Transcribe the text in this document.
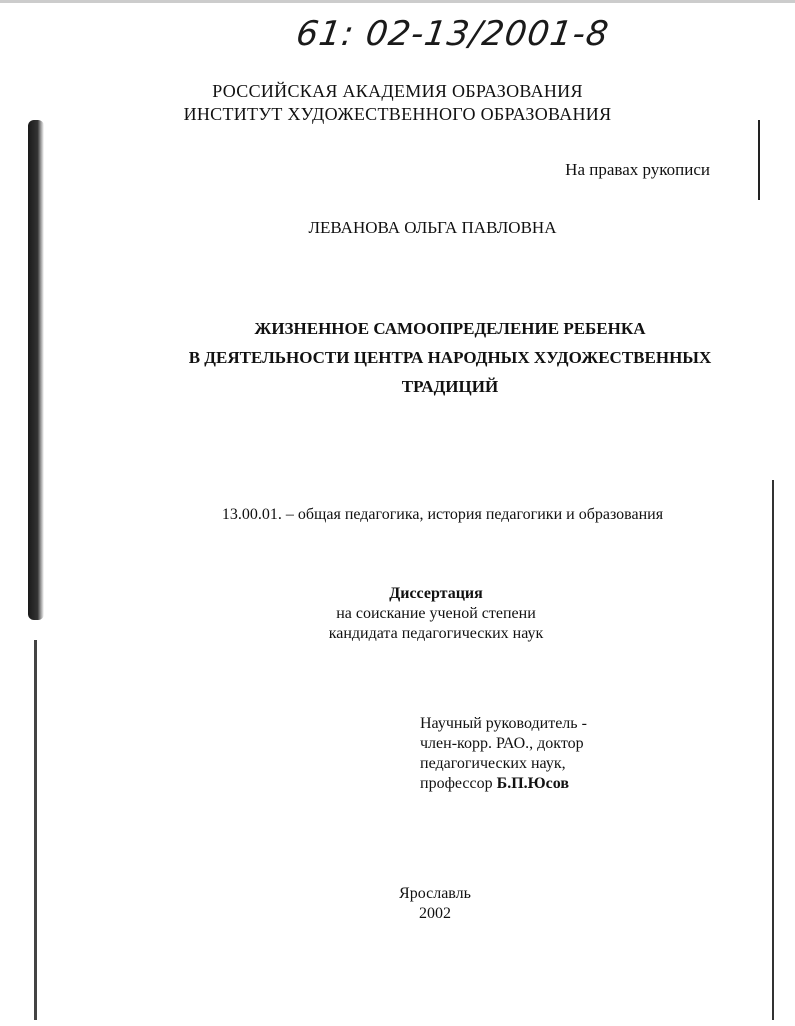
61: 02-13/2001-8
РОССИЙСКАЯ АКАДЕМИЯ ОБРАЗОВАНИЯ
ИНСТИТУТ ХУДОЖЕСТВЕННОГО ОБРАЗОВАНИЯ
На правах рукописи
ЛЕВАНОВА ОЛЬГА ПАВЛОВНА
ЖИЗНЕННОЕ САМООПРЕДЕЛЕНИЕ РЕБЕНКА
В ДЕЯТЕЛЬНОСТИ ЦЕНТРА НАРОДНЫХ ХУДОЖЕСТВЕННЫХ
ТРАДИЦИЙ
13.00.01. – общая педагогика, история педагогики и образования
Диссертация
на соискание ученой степени
кандидата педагогических наук
Научный руководитель -
член-корр. РАО., доктор
педагогических наук,
профессор Б.П.Юсов
Ярославль
2002
